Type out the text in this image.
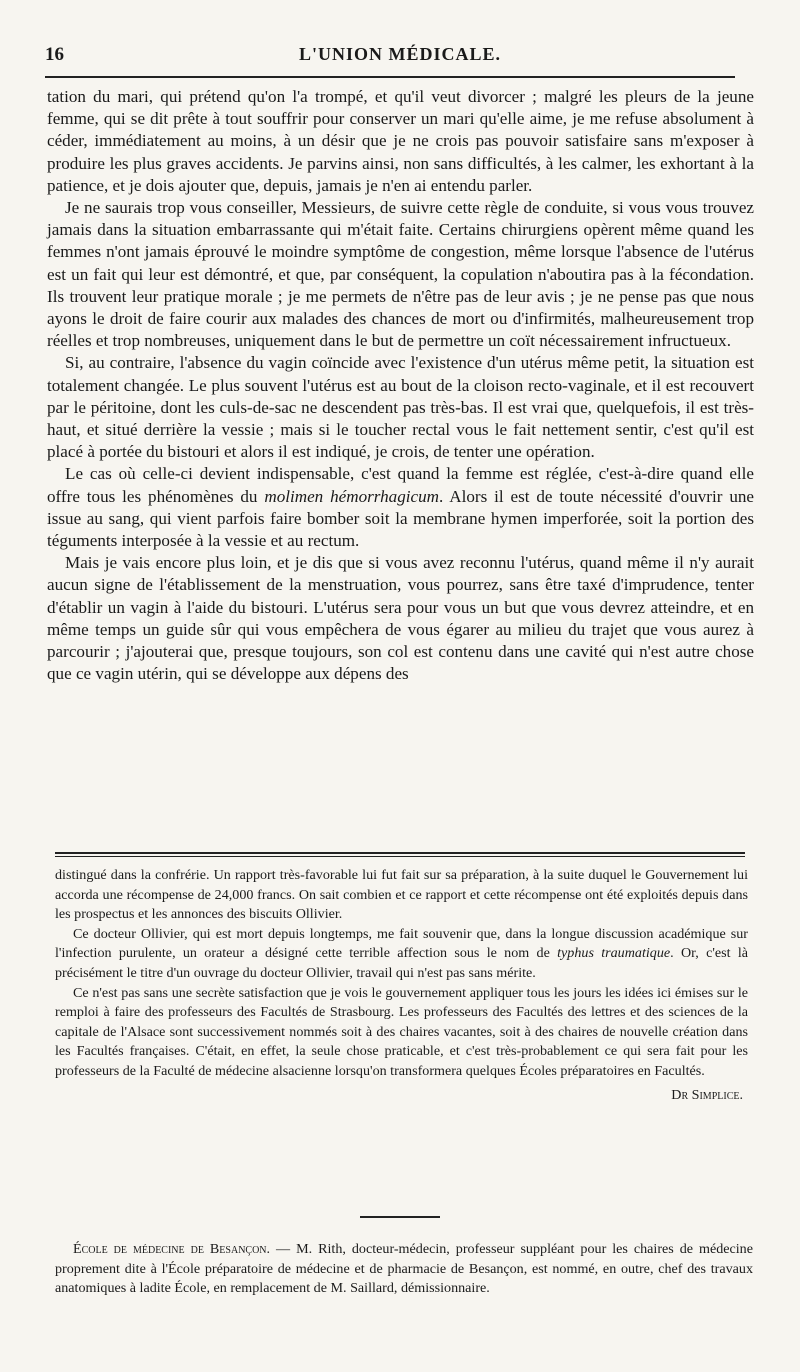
16	L'UNION MÉDICALE.

tation du mari, qui prétend qu'on l'a trompé, et qu'il veut divorcer ; malgré les pleurs de la jeune femme, qui se dit prête à tout souffrir pour conserver un mari qu'elle aime, je me refuse absolument à céder, immédiatement au moins, à un désir que je ne crois pas pouvoir satisfaire sans m'exposer à produire les plus graves accidents. Je parvins ainsi, non sans difficultés, à les calmer, les exhortant à la patience, et je dois ajouter que, depuis, jamais je n'en ai entendu parler.

Je ne saurais trop vous conseiller, Messieurs, de suivre cette règle de conduite, si vous vous trouvez jamais dans la situation embarrassante qui m'était faite. Certains chirurgiens opèrent même quand les femmes n'ont jamais éprouvé le moindre symptôme de congestion, même lorsque l'absence de l'utérus est un fait qui leur est démontré, et que, par conséquent, la copulation n'aboutira pas à la fécondation. Ils trouvent leur pratique morale ; je me permets de n'être pas de leur avis ; je ne pense pas que nous ayons le droit de faire courir aux malades des chances de mort ou d'infirmités, malheureusement trop réelles et trop nombreuses, uniquement dans le but de permettre un coït nécessairement infructueux.

Si, au contraire, l'absence du vagin coïncide avec l'existence d'un utérus même petit, la situation est totalement changée. Le plus souvent l'utérus est au bout de la cloison recto-vaginale, et il est recouvert par le péritoine, dont les culs-de-sac ne descendent pas très-bas. Il est vrai que, quelquefois, il est très-haut, et situé derrière la vessie ; mais si le toucher rectal vous le fait nettement sentir, c'est qu'il est placé à portée du bistouri et alors il est indiqué, je crois, de tenter une opération.

Le cas où celle-ci devient indispensable, c'est quand la femme est réglée, c'est-à-dire quand elle offre tous les phénomènes du molimen hémorrhagicum. Alors il est de toute nécessité d'ouvrir une issue au sang, qui vient parfois faire bomber soit la membrane hymen imperforée, soit la portion des téguments interposée à la vessie et au rectum.

Mais je vais encore plus loin, et je dis que si vous avez reconnu l'utérus, quand même il n'y aurait aucun signe de l'établissement de la menstruation, vous pourrez, sans être taxé d'imprudence, tenter d'établir un vagin à l'aide du bistouri. L'utérus sera pour vous un but que vous devrez atteindre, et en même temps un guide sûr qui vous empêchera de vous égarer au milieu du trajet que vous aurez à parcourir ; j'ajouterai que, presque toujours, son col est contenu dans une cavité qui n'est autre chose que ce vagin utérin, qui se développe aux dépens des

distingué dans la confrérie. Un rapport très-favorable lui fut fait sur sa préparation, à la suite duquel le Gouvernement lui accorda une récompense de 24,000 francs. On sait combien et ce rapport et cette récompense ont été exploités depuis dans les prospectus et les annonces des biscuits Ollivier.

Ce docteur Ollivier, qui est mort depuis longtemps, me fait souvenir que, dans la longue discussion académique sur l'infection purulente, un orateur a désigné cette terrible affection sous le nom de typhus traumatique. Or, c'est là précisément le titre d'un ouvrage du docteur Ollivier, travail qui n'est pas sans mérite.

Ce n'est pas sans une secrète satisfaction que je vois le gouvernement appliquer tous les jours les idées ici émises sur le remploi à faire des professeurs des Facultés de Strasbourg. Les professeurs des Facultés des lettres et des sciences de la capitale de l'Alsace sont successivement nommés soit à des chaires vacantes, soit à des chaires de nouvelle création dans les Facultés françaises. C'était, en effet, la seule chose praticable, et c'est très-probablement ce qui sera fait pour les professeurs de la Faculté de médecine alsacienne lorsqu'on transformera quelques Écoles préparatoires en Facultés.

Dr Simplice.

École de médecine de Besançon. — M. Rith, docteur-médecin, professeur suppléant pour les chaires de médecine proprement dite à l'École préparatoire de médecine et de pharmacie de Besançon, est nommé, en outre, chef des travaux anatomiques à ladite École, en remplacement de M. Saillard, démissionnaire.
